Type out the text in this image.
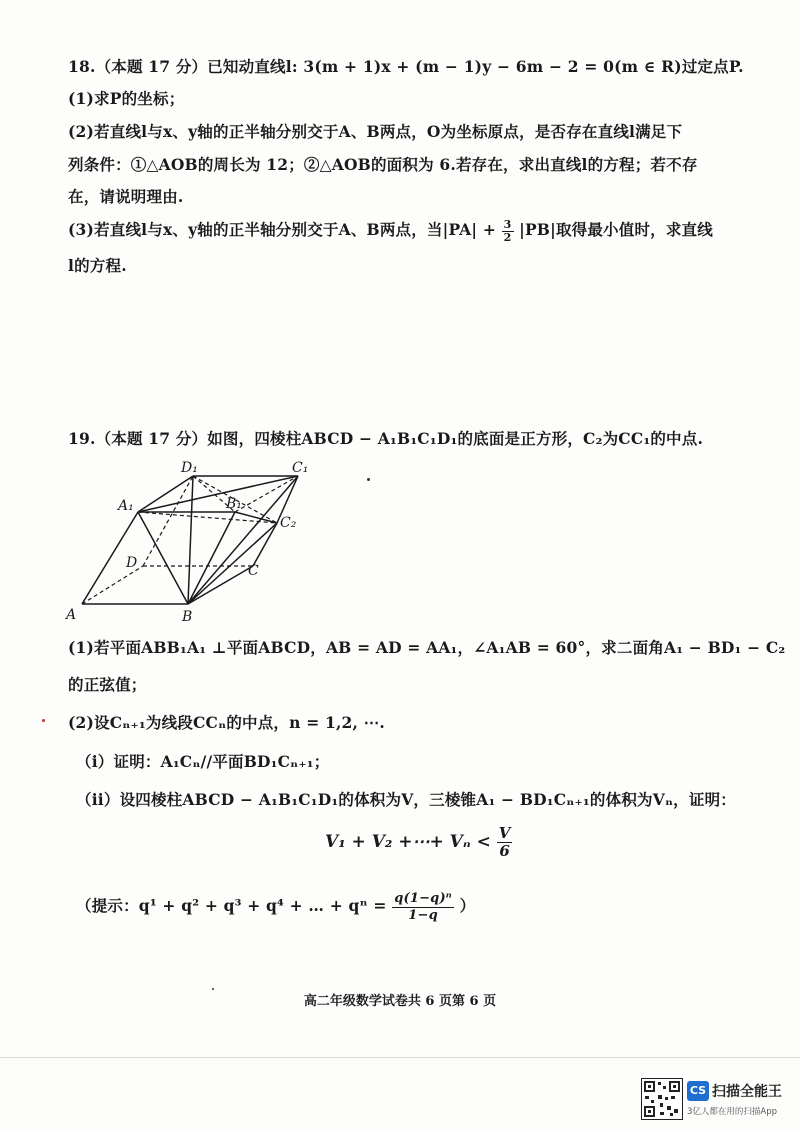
18.（本题 17 分）已知动直线l: 3(m + 1)x + (m − 1)y − 6m − 2 = 0(m ∈ R)过定点P.
(1)求P的坐标；
(2)若直线l与x、y轴的正半轴分别交于A、B两点，O为坐标原点，是否存在直线l满足下
列条件：①△AOB的周长为 12；②△AOB的面积为 6.若存在，求出直线l的方程；若不存
在，请说明理由.
(3)若直线l与x、y轴的正半轴分别交于A、B两点，当$|PA| + \frac{3}{2} |PB|$取得最小值时，求直线
l的方程.
19.（本题 17 分）如图，四棱柱ABCD − A₁B₁C₁D₁的底面是正方形，C₂为CC₁的中点.
D₁	C₁
A₁	B₁
C₂
D	C
A	B
(1)若平面ABB₁A₁ ⊥平面ABCD，AB = AD = AA₁，∠A₁AB = 60°，求二面角A₁ − BD₁ − C₂
的正弦值；
(2)设Cₙ₊₁为线段CCₙ的中点，n = 1,2, ⋯.
（i）证明：A₁Cₙ//平面BD₁Cₙ₊₁；
（ii）设四棱柱ABCD − A₁B₁C₁D₁的体积为V，三棱锥A₁ − BD₁Cₙ₊₁的体积为Vₙ，证明：
V₁ + V₂ +⋯+ $V_n < \frac{V}{6}$
（提示：q¹ + q² + q³ + q⁴ + … + $q^n = \frac{\text{q(1−q)ⁿ}}{1-q}$ ）
高二年级数学试卷共 6 页第 6 页
CS 扫描全能王
3亿人都在用的扫描App
